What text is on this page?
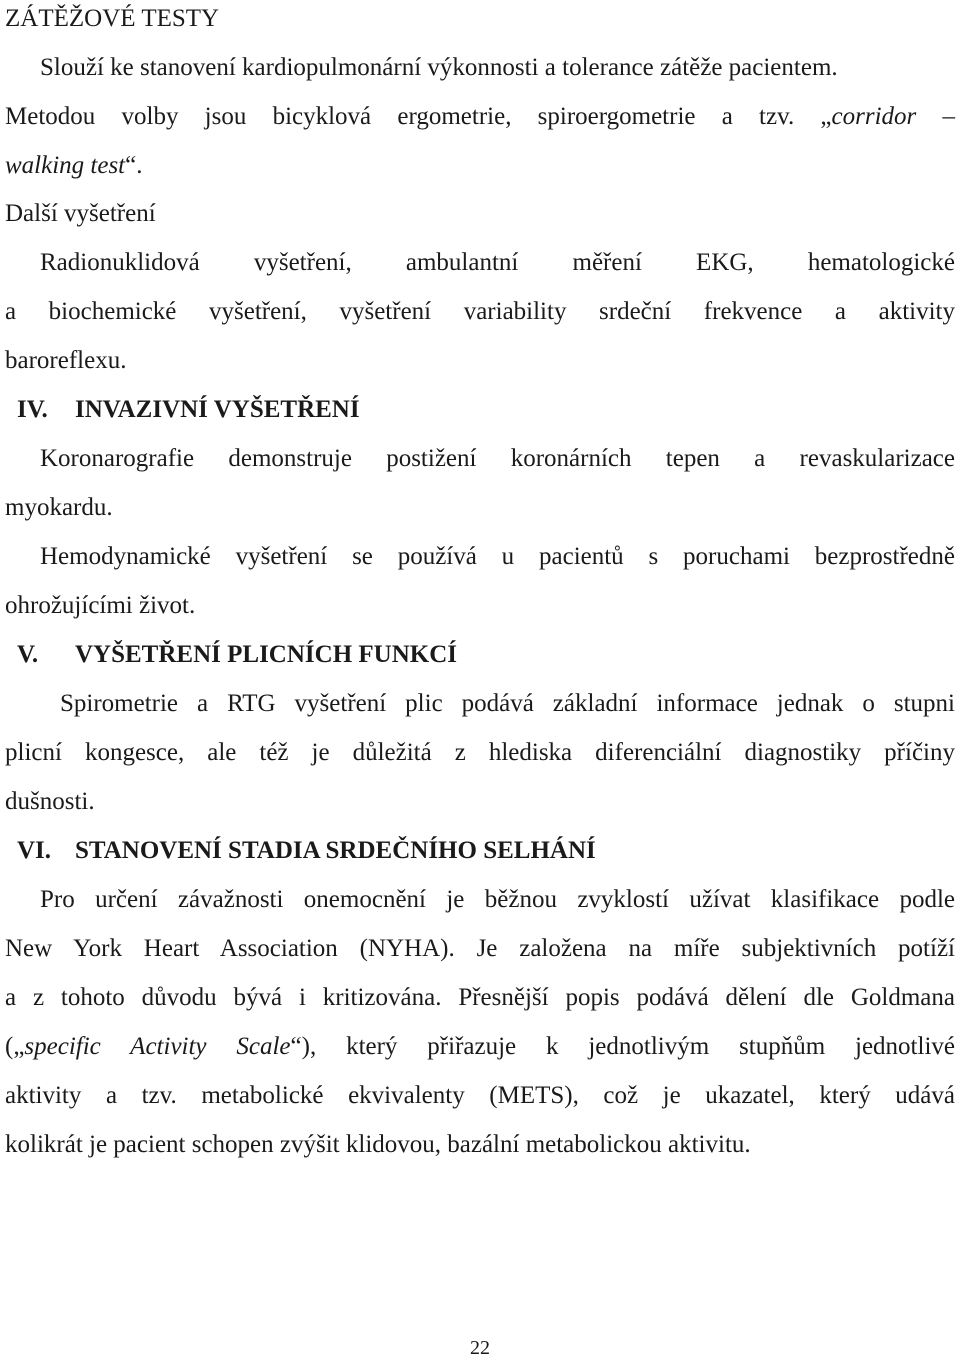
ZÁTĚŽOVÉ TESTY
Slouží ke stanovení kardiopulmonární výkonnosti a tolerance zátěže pacientem.
Metodou volby jsou bicyklová ergometrie, spiroergometrie a tzv. „corridor –
walking test“.
Další vyšetření
Radionuklidová vyšetření, ambulantní měření EKG, hematologické
a biochemické vyšetření, vyšetření variability srdeční frekvence a aktivity
baroreflexu.
IV. INVAZIVNÍ VYŠETŘENÍ
Koronarografie demonstruje postižení koronárních tepen a revaskularizace
myokardu.
Hemodynamické vyšetření se používá u pacientů s poruchami bezprostředně
ohrožujícími život.
V. VYŠETŘENÍ PLICNÍCH FUNKCÍ
Spirometrie a RTG vyšetření plic podává základní informace jednak o stupni
plicní kongesce, ale též je důležitá z hlediska diferenciální diagnostiky příčiny
dušnosti.
VI. STANOVENÍ STADIA SRDEČNÍHO SELHÁNÍ
Pro určení závažnosti onemocnění je běžnou zvyklostí užívat klasifikace podle
New York Heart Association (NYHA). Je založena na míře subjektivních potíží
a z tohoto důvodu bývá i kritizována. Přesnější popis podává dělení dle Goldmana
(„specific Activity Scale“), který přiřazuje k jednotlivým stupňům jednotlivé
aktivity a tzv. metabolické ekvivalenty (METS), což je ukazatel, který udává
kolikrát je pacient schopen zvýšit klidovou, bazální metabolickou aktivitu.
22
